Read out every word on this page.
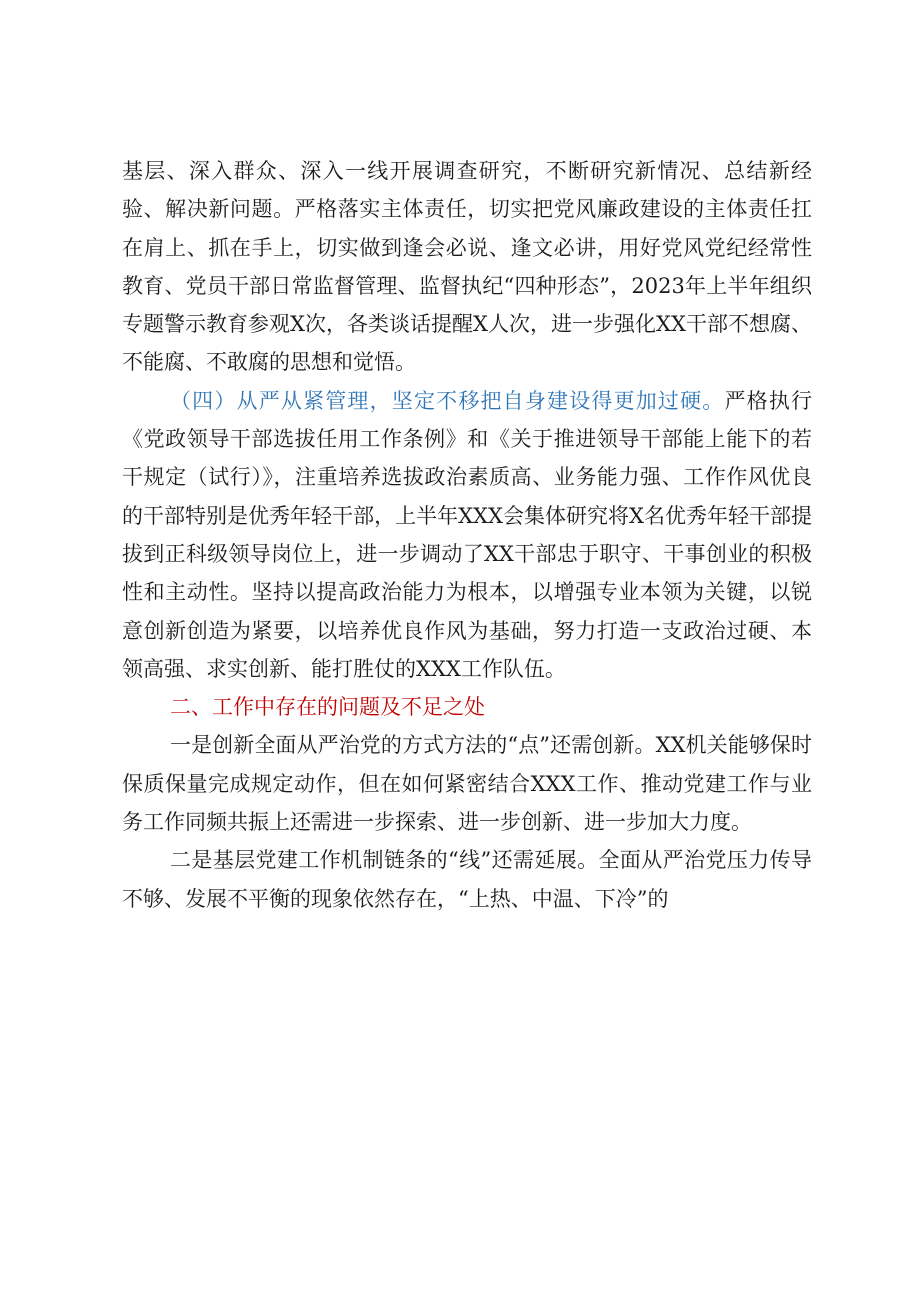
基层、深入群众、深入一线开展调查研究，不断研究新情况、总结新经验、解决新问题。严格落实主体责任，切实把党风廉政建设的主体责任扛在肩上、抓在手上，切实做到逢会必说、逢文必讲，用好党风党纪经常性教育、党员干部日常监督管理、监督执纪“四种形态”，2023年上半年组织专题警示教育参观X次，各类谈话提醒X人次，进一步强化XX干部不想腐、不能腐、不敢腐的思想和觉悟。

（四）从严从紧管理，坚定不移把自身建设得更加过硬。严格执行《党政领导干部选拔任用工作条例》和《关于推进领导干部能上能下的若干规定（试行）》，注重培养选拔政治素质高、业务能力强、工作作风优良的干部特别是优秀年轻干部，上半年XXX会集体研究将X名优秀年轻干部提拔到正科级领导岗位上，进一步调动了XX干部忠于职守、干事创业的积极性和主动性。坚持以提高政治能力为根本，以增强专业本领为关键，以锐意创新创造为紧要，以培养优良作风为基础，努力打造一支政治过硬、本领高强、求实创新、能打胜仗的XXX工作队伍。

二、工作中存在的问题及不足之处

一是创新全面从严治党的方式方法的“点”还需创新。XX机关能够保时保质保量完成规定动作，但在如何紧密结合XXX工作、推动党建工作与业务工作同频共振上还需进一步探索、进一步创新、进一步加大力度。

二是基层党建工作机制链条的“线”还需延展。全面从严治党压力传导不够、发展不平衡的现象依然存在，“上热、中温、下冷”的
